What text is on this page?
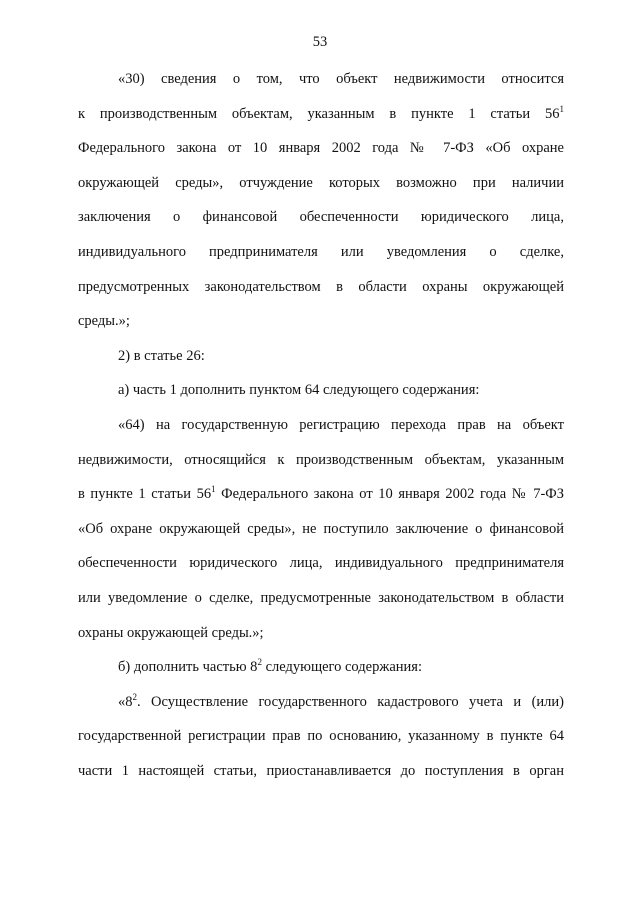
53

«30) сведения о том, что объект недвижимости относится
к производственным объектам, указанным в пункте 1 статьи $56^1$
Федерального закона от 10 января 2002 года № 7-ФЗ «Об охране
окружающей среды», отчуждение которых возможно при наличии
заключения о финансовой обеспеченности юридического лица,
индивидуального предпринимателя или уведомления о сделке,
предусмотренных законодательством в области охраны окружающей
среды.»;

2) в статье 26:

а) часть 1 дополнить пунктом 64 следующего содержания:

«64) на государственную регистрацию перехода прав на объект
недвижимости, относящийся к производственным объектам, указанным
в пункте 1 статьи $56^1$ Федерального закона от 10 января 2002 года № 7-ФЗ
«Об охране окружающей среды», не поступило заключение о финансовой
обеспеченности юридического лица, индивидуального предпринимателя
или уведомление о сделке, предусмотренные законодательством в области
охраны окружающей среды.»;

б) дополнить частью $8^2$ следующего содержания:

«$8^2$. Осуществление государственного кадастрового учета и (или)
государственной регистрации прав по основанию, указанному в пункте 64
части 1 настоящей статьи, приостанавливается до поступления в орган
